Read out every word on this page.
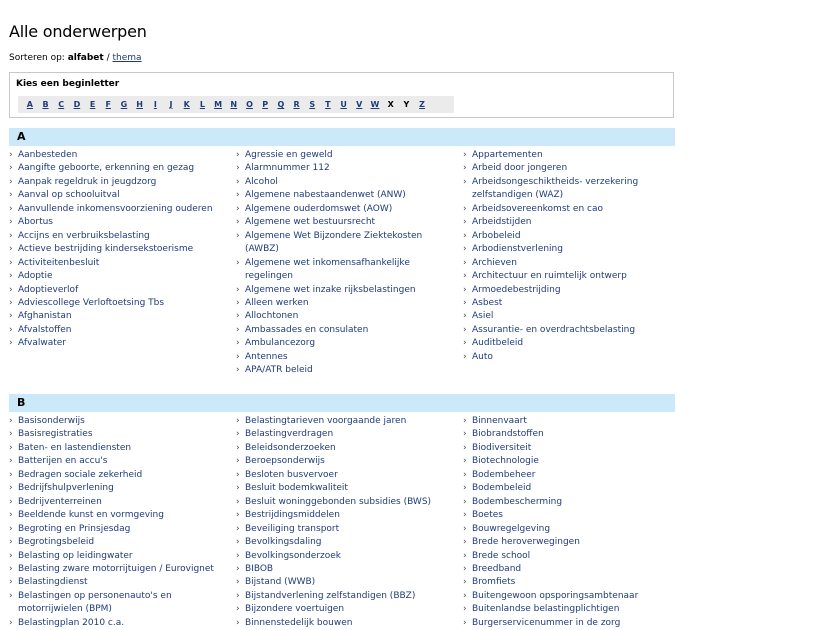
Alle onderwerpen
Sorteren op: alfabet / thema
Kies een beginletter
A	B	C	D	E	F	G	H	I	J	K	L	M	N	O	P	Q	R	S	T	U	V	W	X	Y	Z
A
› Aanbesteden
› Aangifte geboorte, erkenning en gezag
› Aanpak regeldruk in jeugdzorg
› Aanval op schooluitval
› Aanvullende inkomensvoorziening ouderen
› Abortus
› Accijns en verbruiksbelasting
› Actieve bestrijding kindersekstoerisme
› Activiteitenbesluit
› Adoptie
› Adoptieverlof
› Adviescollege Verloftoetsing Tbs
› Afghanistan
› Afvalstoffen
› Afvalwater
› Agressie en geweld
› Alarmnummer 112
› Alcohol
› Algemene nabestaandenwet (ANW)
› Algemene ouderdomswet (AOW)
› Algemene wet bestuursrecht
› Algemene Wet Bijzondere Ziektekosten
(AWBZ)
› Algemene wet inkomensafhankelijke
regelingen
› Algemene wet inzake rijksbelastingen
› Alleen werken
› Allochtonen
› Ambassades en consulaten
› Ambulancezorg
› Antennes
› APA/ATR beleid
› Appartementen
› Arbeid door jongeren
› Arbeidsongeschiktheids- verzekering
zelfstandigen (WAZ)
› Arbeidsovereenkomst en cao
› Arbeidstijden
› Arbobeleid
› Arbodienstverlening
› Archieven
› Architectuur en ruimtelijk ontwerp
› Armoedebestrijding
› Asbest
› Asiel
› Assurantie- en overdrachtsbelasting
› Auditbeleid
› Auto
B
› Basisonderwijs
› Basisregistraties
› Baten- en lastendiensten
› Batterijen en accu's
› Bedragen sociale zekerheid
› Bedrijfshulpverlening
› Bedrijventerreinen
› Beeldende kunst en vormgeving
› Begroting en Prinsjesdag
› Begrotingsbeleid
› Belasting op leidingwater
› Belasting zware motorrijtuigen / Eurovignet
› Belastingdienst
› Belastingen op personenauto's en
motorrijwielen (BPM)
› Belastingplan 2010 c.a.
› Belastingtarieven voorgaande jaren
› Belastingverdragen
› Beleidsonderzoeken
› Beroepsonderwijs
› Besloten busvervoer
› Besluit bodemkwaliteit
› Besluit woninggebonden subsidies (BWS)
› Bestrijdingsmiddelen
› Beveiliging transport
› Bevolkingsdaling
› Bevolkingsonderzoek
› BIBOB
› Bijstand (WWB)
› Bijstandverlening zelfstandigen (BBZ)
› Bijzondere voertuigen
› Binnenstedelijk bouwen
› Binnenvaart
› Biobrandstoffen
› Biodiversiteit
› Biotechnologie
› Bodembeheer
› Bodembeleid
› Bodembescherming
› Boetes
› Bouwregelgeving
› Brede heroverwegingen
› Brede school
› Breedband
› Bromfiets
› Buitengewoon opsporingsambtenaar
› Buitenlandse belastingplichtigen
› Burgerservicenummer in de zorg
